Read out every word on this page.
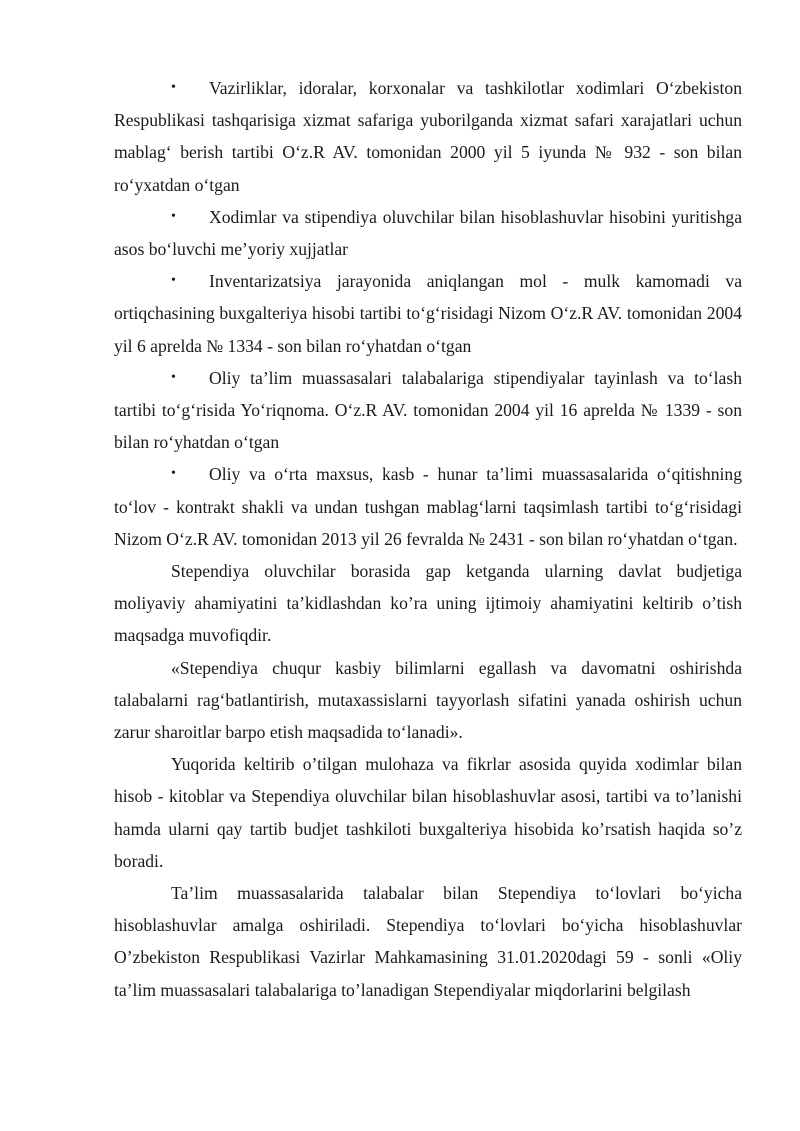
• Vazirliklar, idoralar, korxonalar va tashkilotlar xodimlari O‘zbekiston Respublikasi tashqarisiga xizmat safariga yuborilganda xizmat safari xarajatlari uchun mablag‘ berish tartibi O‘z.R AV. tomonidan 2000 yil 5 iyunda № 932 - son bilan ro‘yxatdan o‘tgan

• Xodimlar va stipendiya oluvchilar bilan hisoblashuvlar hisobini yuritishga asos bo‘luvchi me’yoriy xujjatlar

• Inventarizatsiya jarayonida aniqlangan mol - mulk kamomadi va ortiqchasining buxgalteriya hisobi tartibi to‘g‘risidagi Nizom O‘z.R AV. tomonidan 2004 yil 6 aprelda № 1334 - son bilan ro‘yhatdan o‘tgan

• Oliy ta’lim muassasalari talabalariga stipendiyalar tayinlash va to‘lash tartibi to‘g‘risida Yo‘riqnoma. O‘z.R AV. tomonidan 2004 yil 16 aprelda № 1339 - son bilan ro‘yhatdan o‘tgan

• Oliy va o‘rta maxsus, kasb - hunar ta’limi muassasalarida o‘qitishning to‘lov - kontrakt shakli va undan tushgan mablag‘larni taqsimlash tartibi to‘g‘risidagi Nizom O‘z.R AV. tomonidan 2013 yil 26 fevralda № 2431 - son bilan ro‘yhatdan o‘tgan.

Stependiya oluvchilar borasida gap ketganda ularning davlat budjetiga moliyaviy ahamiyatini ta’kidlashdan ko’ra uning ijtimoiy ahamiyatini keltirib o’tish maqsadga muvofiqdir.

«Stependiya chuqur kasbiy bilimlarni egallash va davomatni oshirishda talabalarni rag‘batlantirish, mutaxassislarni tayyorlash sifatini yanada oshirish uchun zarur sharoitlar barpo etish maqsadida to‘lanadi».

Yuqorida keltirib o’tilgan mulohaza va fikrlar asosida quyida xodimlar bilan hisob - kitoblar va Stependiya oluvchilar bilan hisoblashuvlar asosi, tartibi va to’lanishi hamda ularni qay tartib budjet tashkiloti buxgalteriya hisobida ko’rsatish haqida so’z boradi.

Ta’lim muassasalarida talabalar bilan Stependiya to‘lovlari bo‘yicha hisoblashuvlar amalga oshiriladi. Stependiya to‘lovlari bo‘yicha hisoblashuvlar O’zbekiston Respublikasi Vazirlar Mahkamasining 31.01.2020dagi 59 - sonli «Oliy ta’lim muassasalari talabalariga to’lanadigan Stependiyalar miqdorlarini belgilash
